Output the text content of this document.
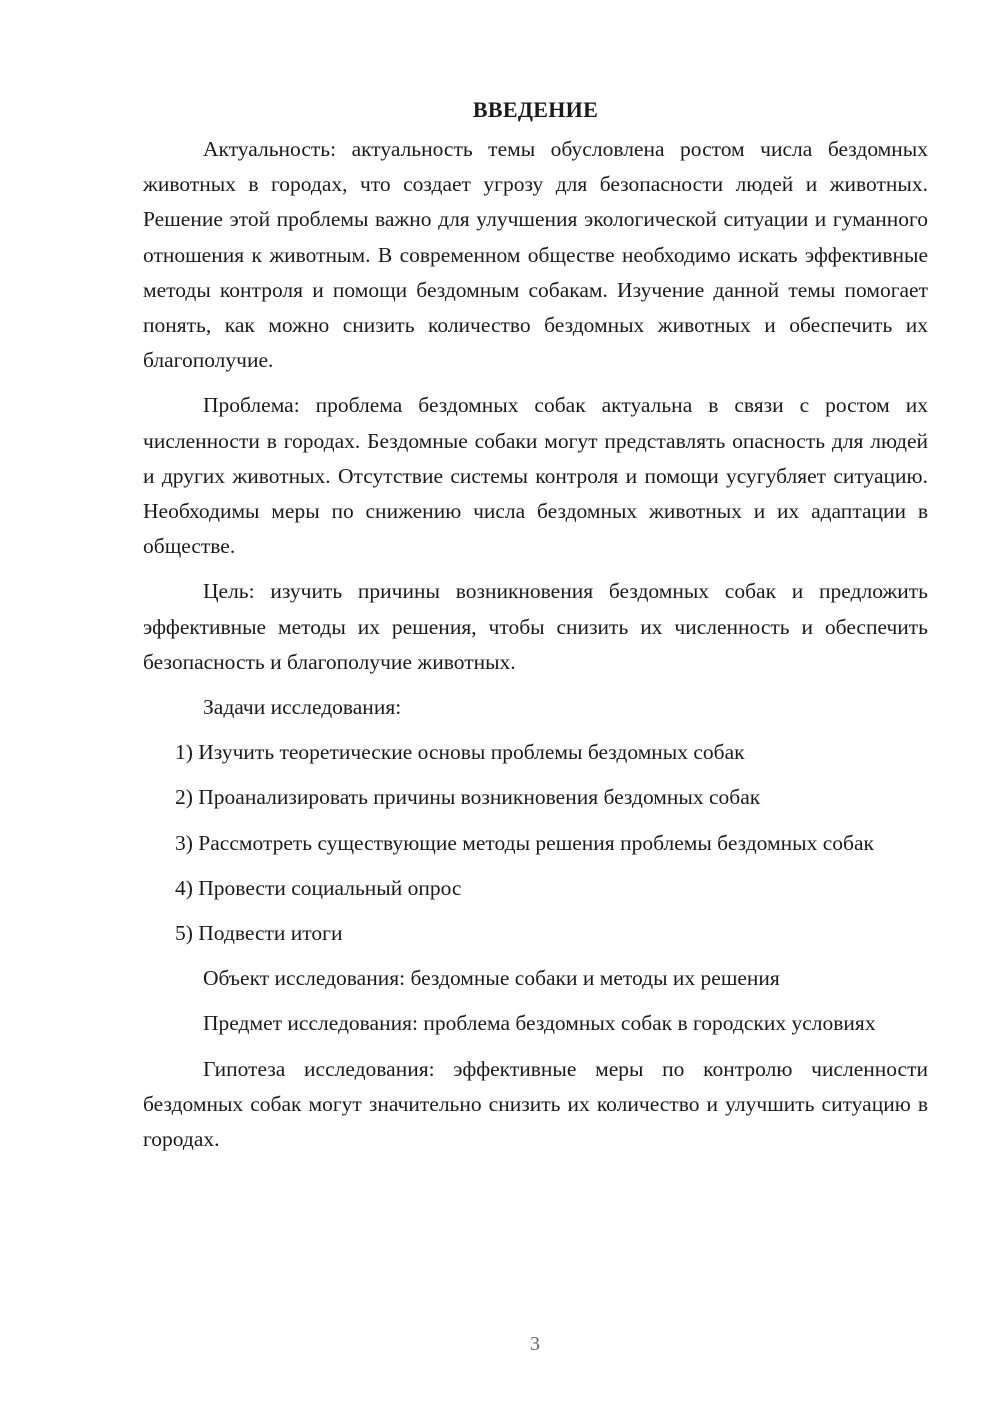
ВВЕДЕНИЕ

Актуальность: актуальность темы обусловлена ростом числа бездомных животных в городах, что создает угрозу для безопасности людей и животных. Решение этой проблемы важно для улучшения экологической ситуации и гуманного отношения к животным. В современном обществе необходимо искать эффективные методы контроля и помощи бездомным собакам. Изучение данной темы помогает понять, как можно снизить количество бездомных животных и обеспечить их благополучие.

Проблема: проблема бездомных собак актуальна в связи с ростом их численности в городах. Бездомные собаки могут представлять опасность для людей и других животных. Отсутствие системы контроля и помощи усугубляет ситуацию. Необходимы меры по снижению числа бездомных животных и их адаптации в обществе.

Цель: изучить причины возникновения бездомных собак и предложить эффективные методы их решения, чтобы снизить их численность и обеспечить безопасность и благополучие животных.

Задачи исследования:

1) Изучить теоретические основы проблемы бездомных собак

2) Проанализировать причины возникновения бездомных собак

3) Рассмотреть существующие методы решения проблемы бездомных собак

4) Провести социальный опрос

5) Подвести итоги

Объект исследования: бездомные собаки и методы их решения

Предмет исследования: проблема бездомных собак в городских условиях

Гипотеза исследования: эффективные меры по контролю численности бездомных собак могут значительно снизить их количество и улучшить ситуацию в городах.

3
